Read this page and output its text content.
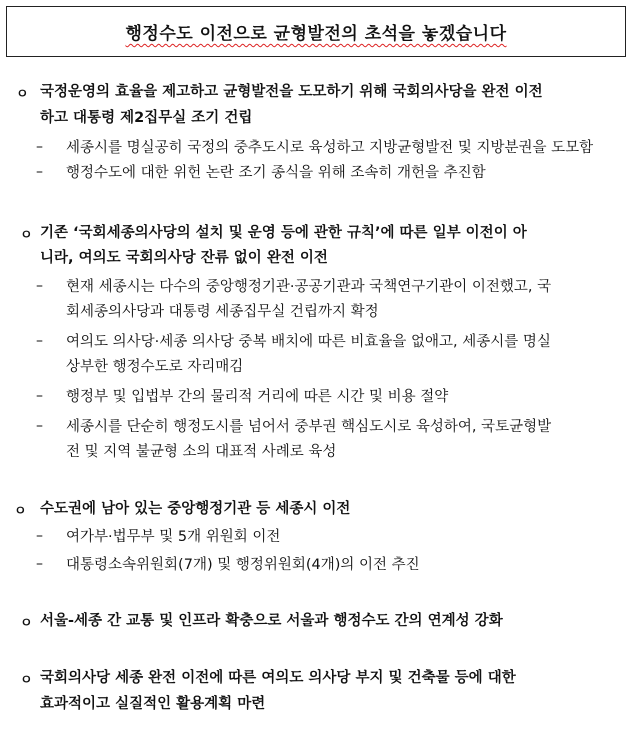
행정수도 이전으로 균형발전의 초석을 놓겠습니다
ㅇ 국정운영의 효율을 제고하고 균형발전을 도모하기 위해 국회의사당을 완전 이전
하고 대통령 제2집무실 조기 건립
– 세종시를 명실공히 국정의 중추도시로 육성하고 지방균형발전 및 지방분권을 도모함
– 행정수도에 대한 위헌 논란 조기 종식을 위해 조속히 개헌을 추진함
ㅇ 기존 ‘국회세종의사당의 설치 및 운영 등에 관한 규칙’에 따른 일부 이전이 아
니라, 여의도 국회의사당 잔류 없이 완전 이전
– 현재 세종시는 다수의 중앙행정기관·공공기관과 국책연구기관이 이전했고, 국
회세종의사당과 대통령 세종집무실 건립까지 확정
– 여의도 의사당·세종 의사당 중복 배치에 따른 비효율을 없애고, 세종시를 명실
상부한 행정수도로 자리매김
– 행정부 및 입법부 간의 물리적 거리에 따른 시간 및 비용 절약
– 세종시를 단순히 행정도시를 넘어서 중부권 핵심도시로 육성하여, 국토균형발
전 및 지역 불균형 소의 대표적 사례로 육성
ㅇ 수도권에 남아 있는 중앙행정기관 등 세종시 이전
– 여가부·법무부 및 5개 위원회 이전
– 대통령소속위원회(7개) 및 행정위원회(4개)의 이전 추진
ㅇ 서울-세종 간 교통 및 인프라 확충으로 서울과 행정수도 간의 연계성 강화
ㅇ 국회의사당 세종 완전 이전에 따른 여의도 의사당 부지 및 건축물 등에 대한
효과적이고 실질적인 활용계획 마련
